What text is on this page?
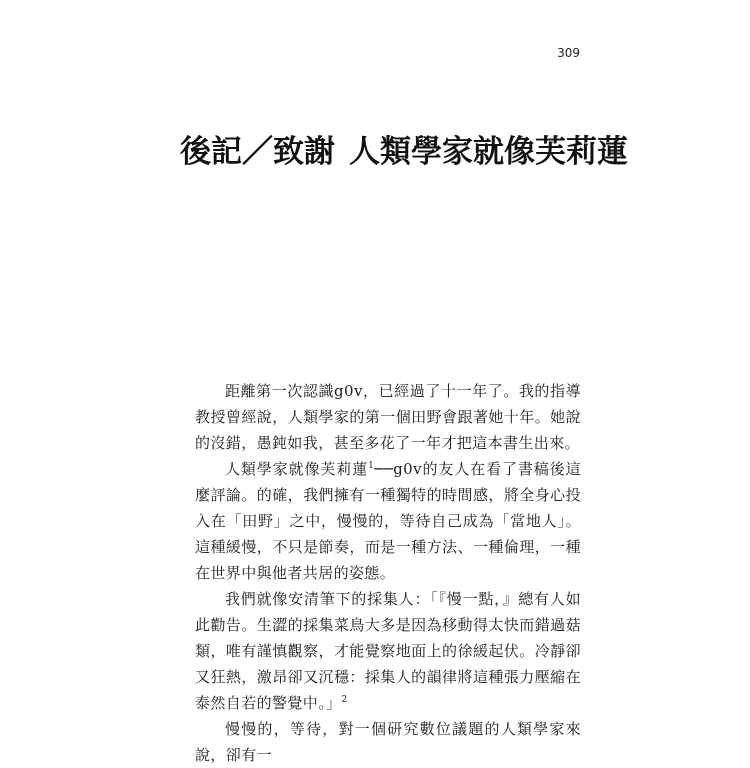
309
後記／致謝 人類學家就像芙莉蓮

距離第一次認識g0v，已經過了十一年了。我的指導教授曾經說，人類學家的第一個田野會跟著她十年。她說的沒錯，愚鈍如我，甚至多花了一年才把這本書生出來。

人類學家就像芙莉蓮$^1$──g0v的友人在看了書稿後這麼評論。的確，我們擁有一種獨特的時間感，將全身心投入在「田野」之中，慢慢的，等待自己成為「當地人」。這種緩慢，不只是節奏，而是一種方法、一種倫理，一種在世界中與他者共居的姿態。

我們就像安清筆下的採集人：「『慢一點，』總有人如此勸告。生澀的採集菜鳥大多是因為移動得太快而錯過菇類，唯有謹慎觀察，才能覺察地面上的徐緩起伏。冷靜卻又狂熱，激昂卻又沉穩：採集人的韻律將這種張力壓縮在泰然自若的警覺中。」$^2$

慢慢的，等待，對一個研究數位議題的人類學家來說，卻有一
